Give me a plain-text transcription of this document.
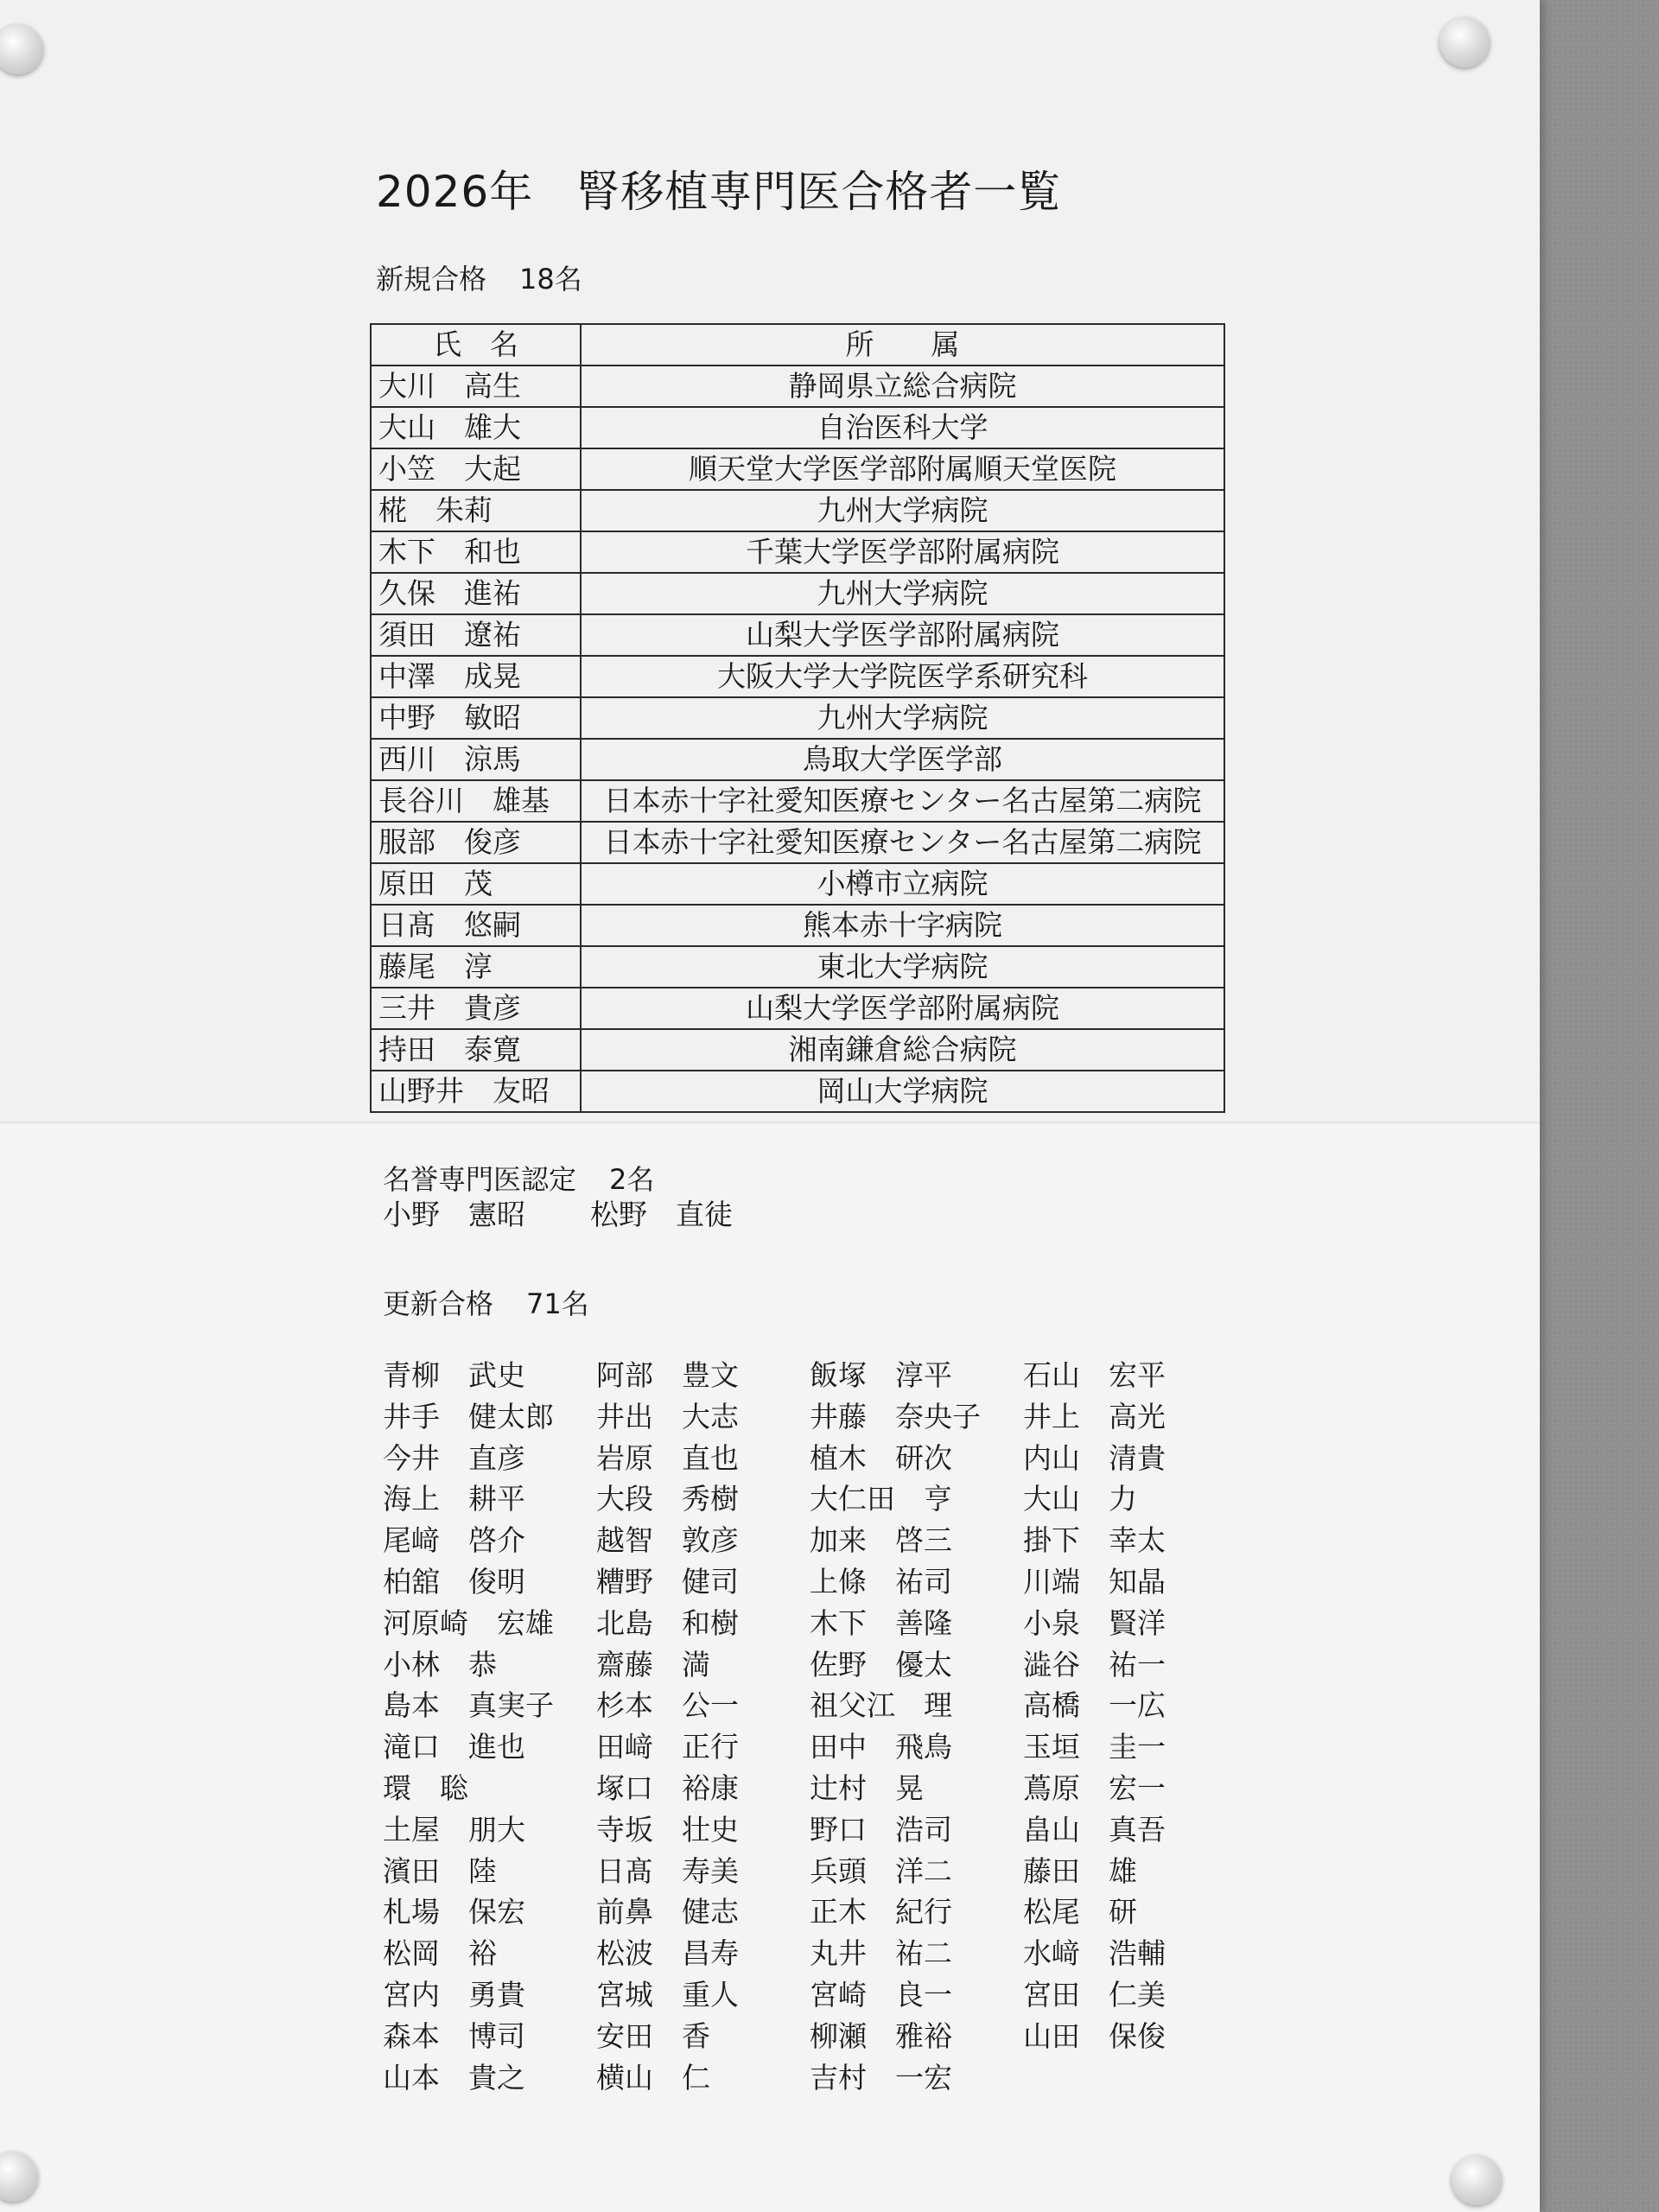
2026年 腎移植専門医合格者一覧
新規合格 18名
氏　名	所　　属
大川　高生	静岡県立総合病院
大山　雄大	自治医科大学
小笠　大起	順天堂大学医学部附属順天堂医院
椛　朱莉	九州大学病院
木下　和也	千葉大学医学部附属病院
久保　進祐	九州大学病院
須田　遼祐	山梨大学医学部附属病院
中澤　成晃	大阪大学大学院医学系研究科
中野　敏昭	九州大学病院
西川　涼馬	鳥取大学医学部
長谷川　雄基	日本赤十字社愛知医療センター名古屋第二病院
服部　俊彦	日本赤十字社愛知医療センター名古屋第二病院
原田　茂	小樽市立病院
日髙　悠嗣	熊本赤十字病院
藤尾　淳	東北大学病院
三井　貴彦	山梨大学医学部附属病院
持田　泰寛	湘南鎌倉総合病院
山野井　友昭	岡山大学病院
名誉専門医認定 2名
小野　憲昭 松野　直徒
更新合格 71名
青柳　武史	阿部　豊文	飯塚　淳平	石山　宏平
井手　健太郎	井出　大志	井藤　奈央子	井上　高光
今井　直彦	岩原　直也	植木　研次	内山　清貴
海上　耕平	大段　秀樹	大仁田　亨	大山　力
尾﨑　啓介	越智　敦彦	加来　啓三	掛下　幸太
柏舘　俊明	糟野　健司	上條　祐司	川端　知晶
河原崎　宏雄	北島　和樹	木下　善隆	小泉　賢洋
小林　恭	齋藤　満	佐野　優太	澁谷　祐一
島本　真実子	杉本　公一	祖父江　理	高橋　一広
滝口　進也	田﨑　正行	田中　飛鳥	玉垣　圭一
環　聡	塚口　裕康	辻村　晃	蔦原　宏一
土屋　朋大	寺坂　壮史	野口　浩司	畠山　真吾
濱田　陸	日髙　寿美	兵頭　洋二	藤田　雄
札場　保宏	前鼻　健志	正木　紀行	松尾　研
松岡　裕	松波　昌寿	丸井　祐二	水﨑　浩輔
宮内　勇貴	宮城　重人	宮崎　良一	宮田　仁美
森本　博司	安田　香	柳瀬　雅裕	山田　保俊
山本　貴之	横山　仁	吉村　一宏
